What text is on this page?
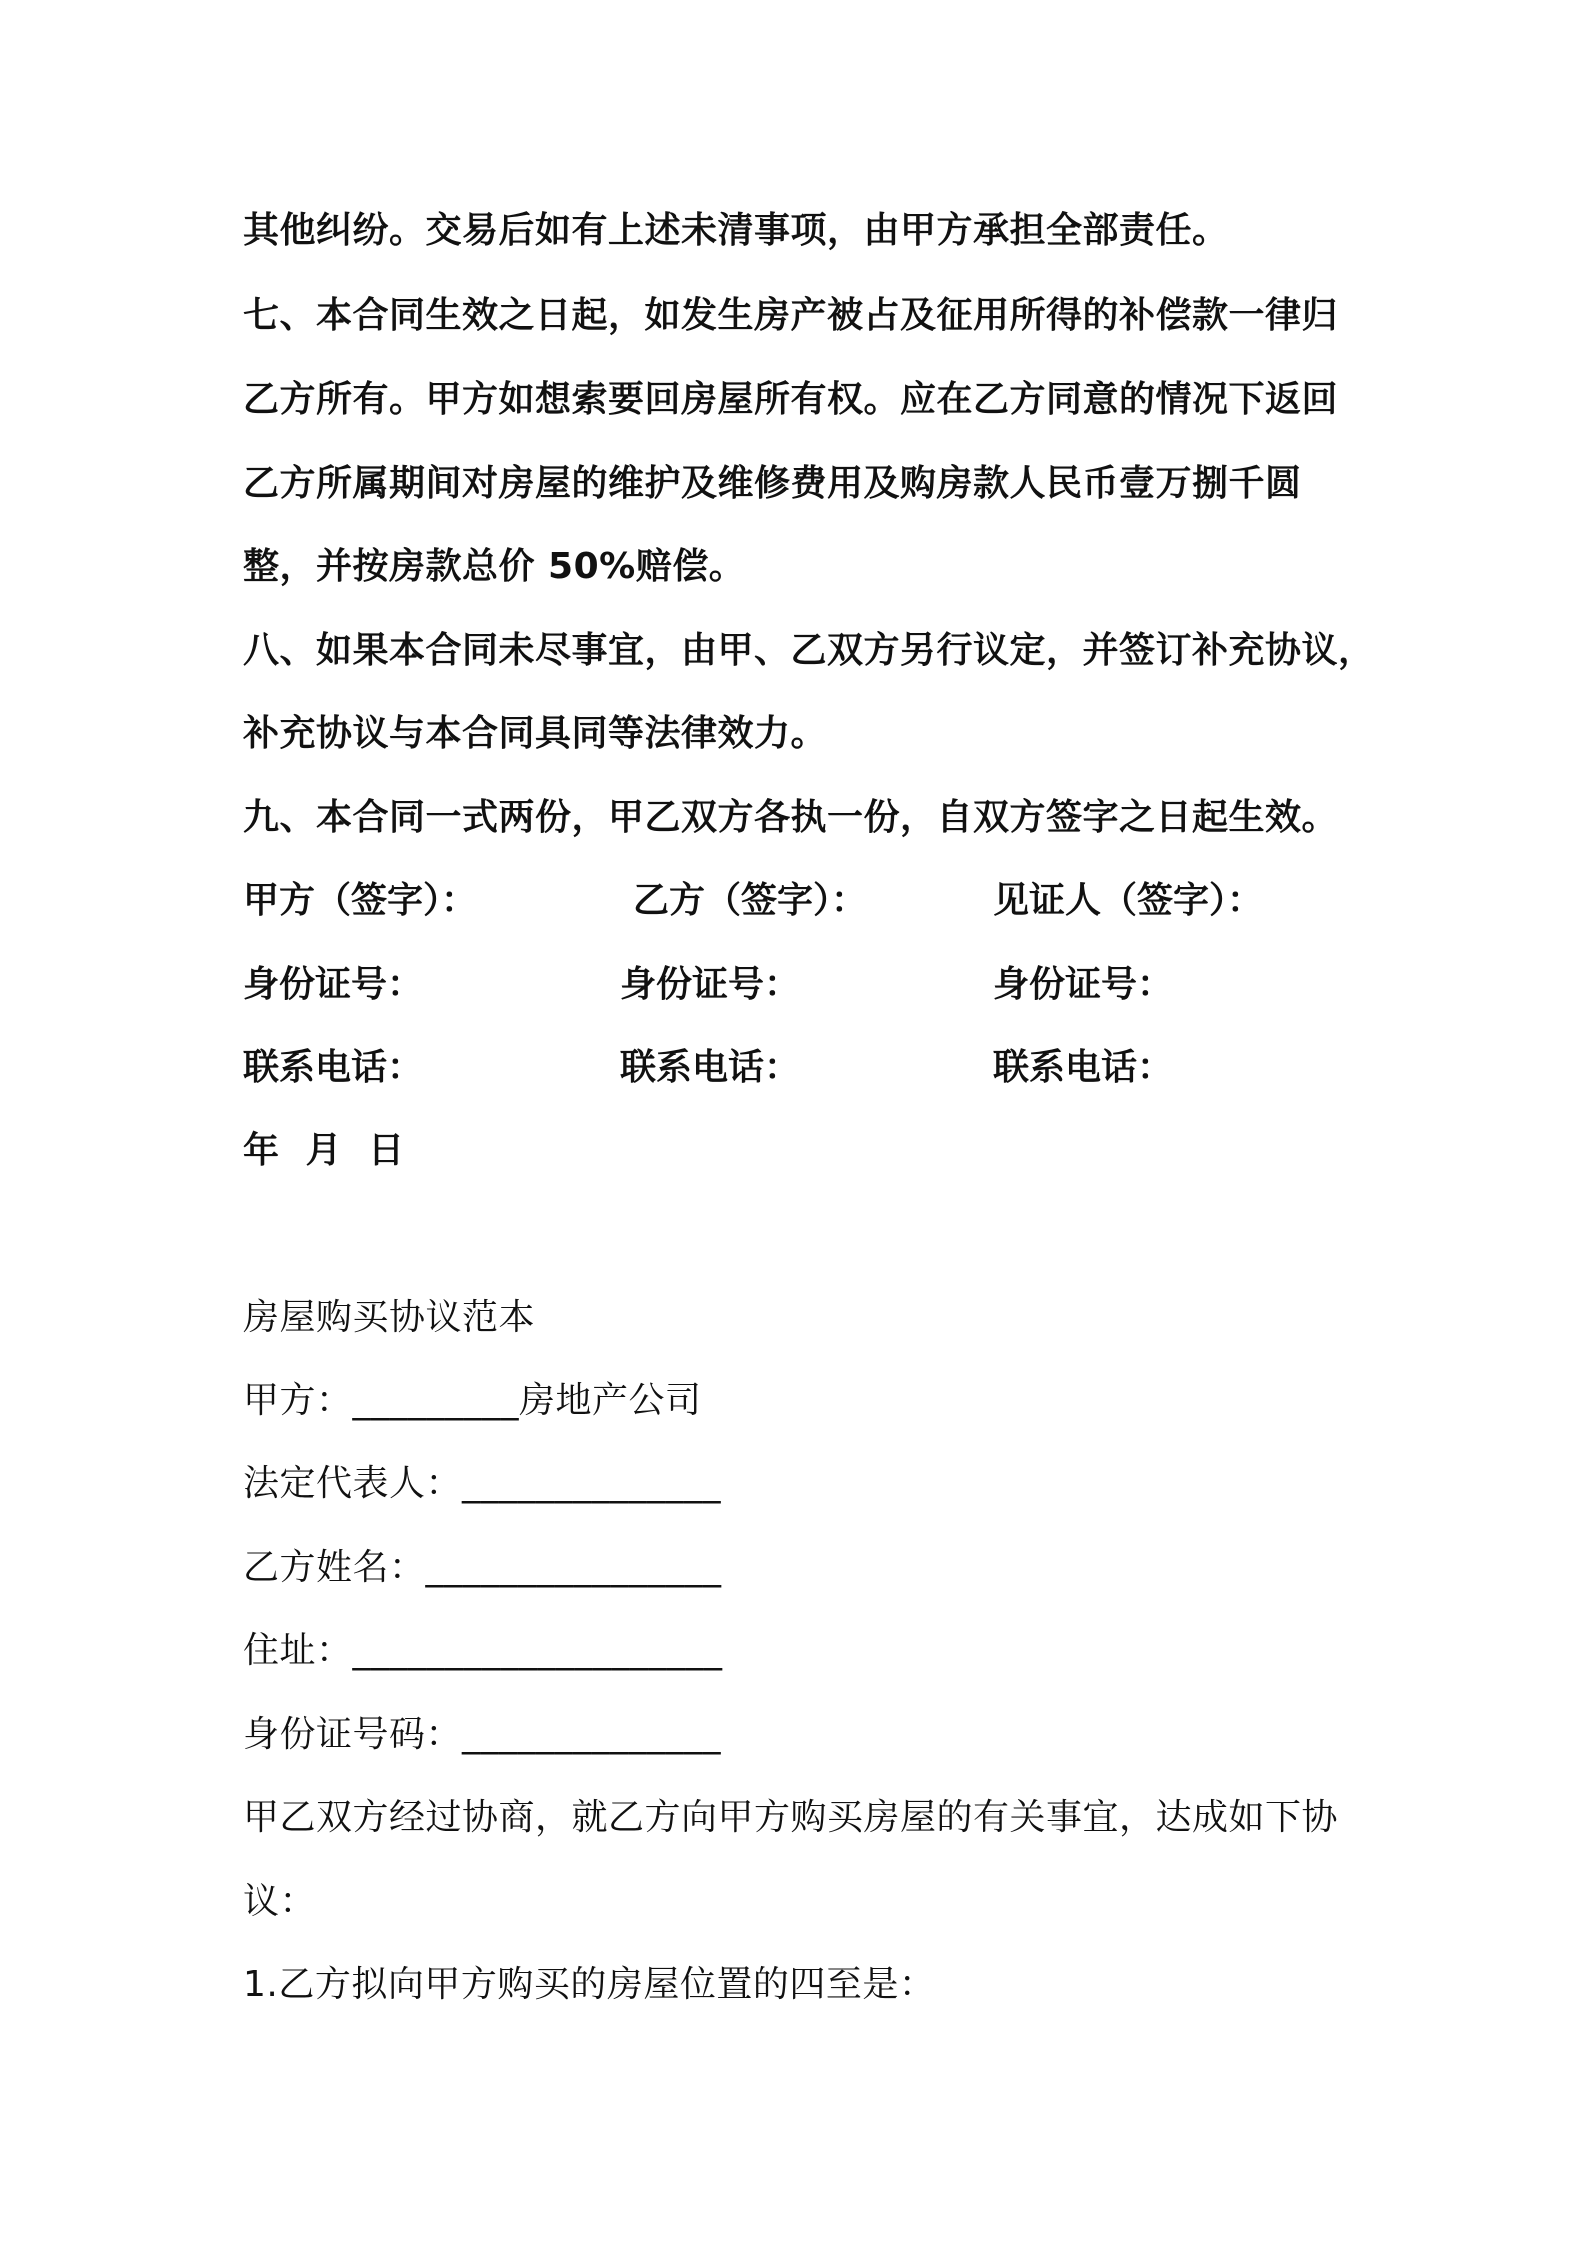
其他纠纷。交易后如有上述未清事项，由甲方承担全部责任。
七、本合同生效之日起，如发生房产被占及征用所得的补偿款一律归
乙方所有。甲方如想索要回房屋所有权。应在乙方同意的情况下返回
乙方所属期间对房屋的维护及维修费用及购房款人民币壹万捌千圆
整，并按房款总价 50%赔偿。
八、如果本合同未尽事宜，由甲、乙双方另行议定，并签订补充协议，
补充协议与本合同具同等法律效力。
九、本合同一式两份，甲乙双方各执一份，自双方签字之日起生效。
甲方（签字）：	乙方（签字）：	见证人（签字）：
身份证号：	身份证号：	身份证号：
联系电话：	联系电话：	联系电话：
年  月  日
房屋购买协议范本
甲方：_________房地产公司
法定代表人：______________
乙方姓名：________________
住址：____________________
身份证号码：______________
甲乙双方经过协商，就乙方向甲方购买房屋的有关事宜，达成如下协
议：
1.乙方拟向甲方购买的房屋位置的四至是：
